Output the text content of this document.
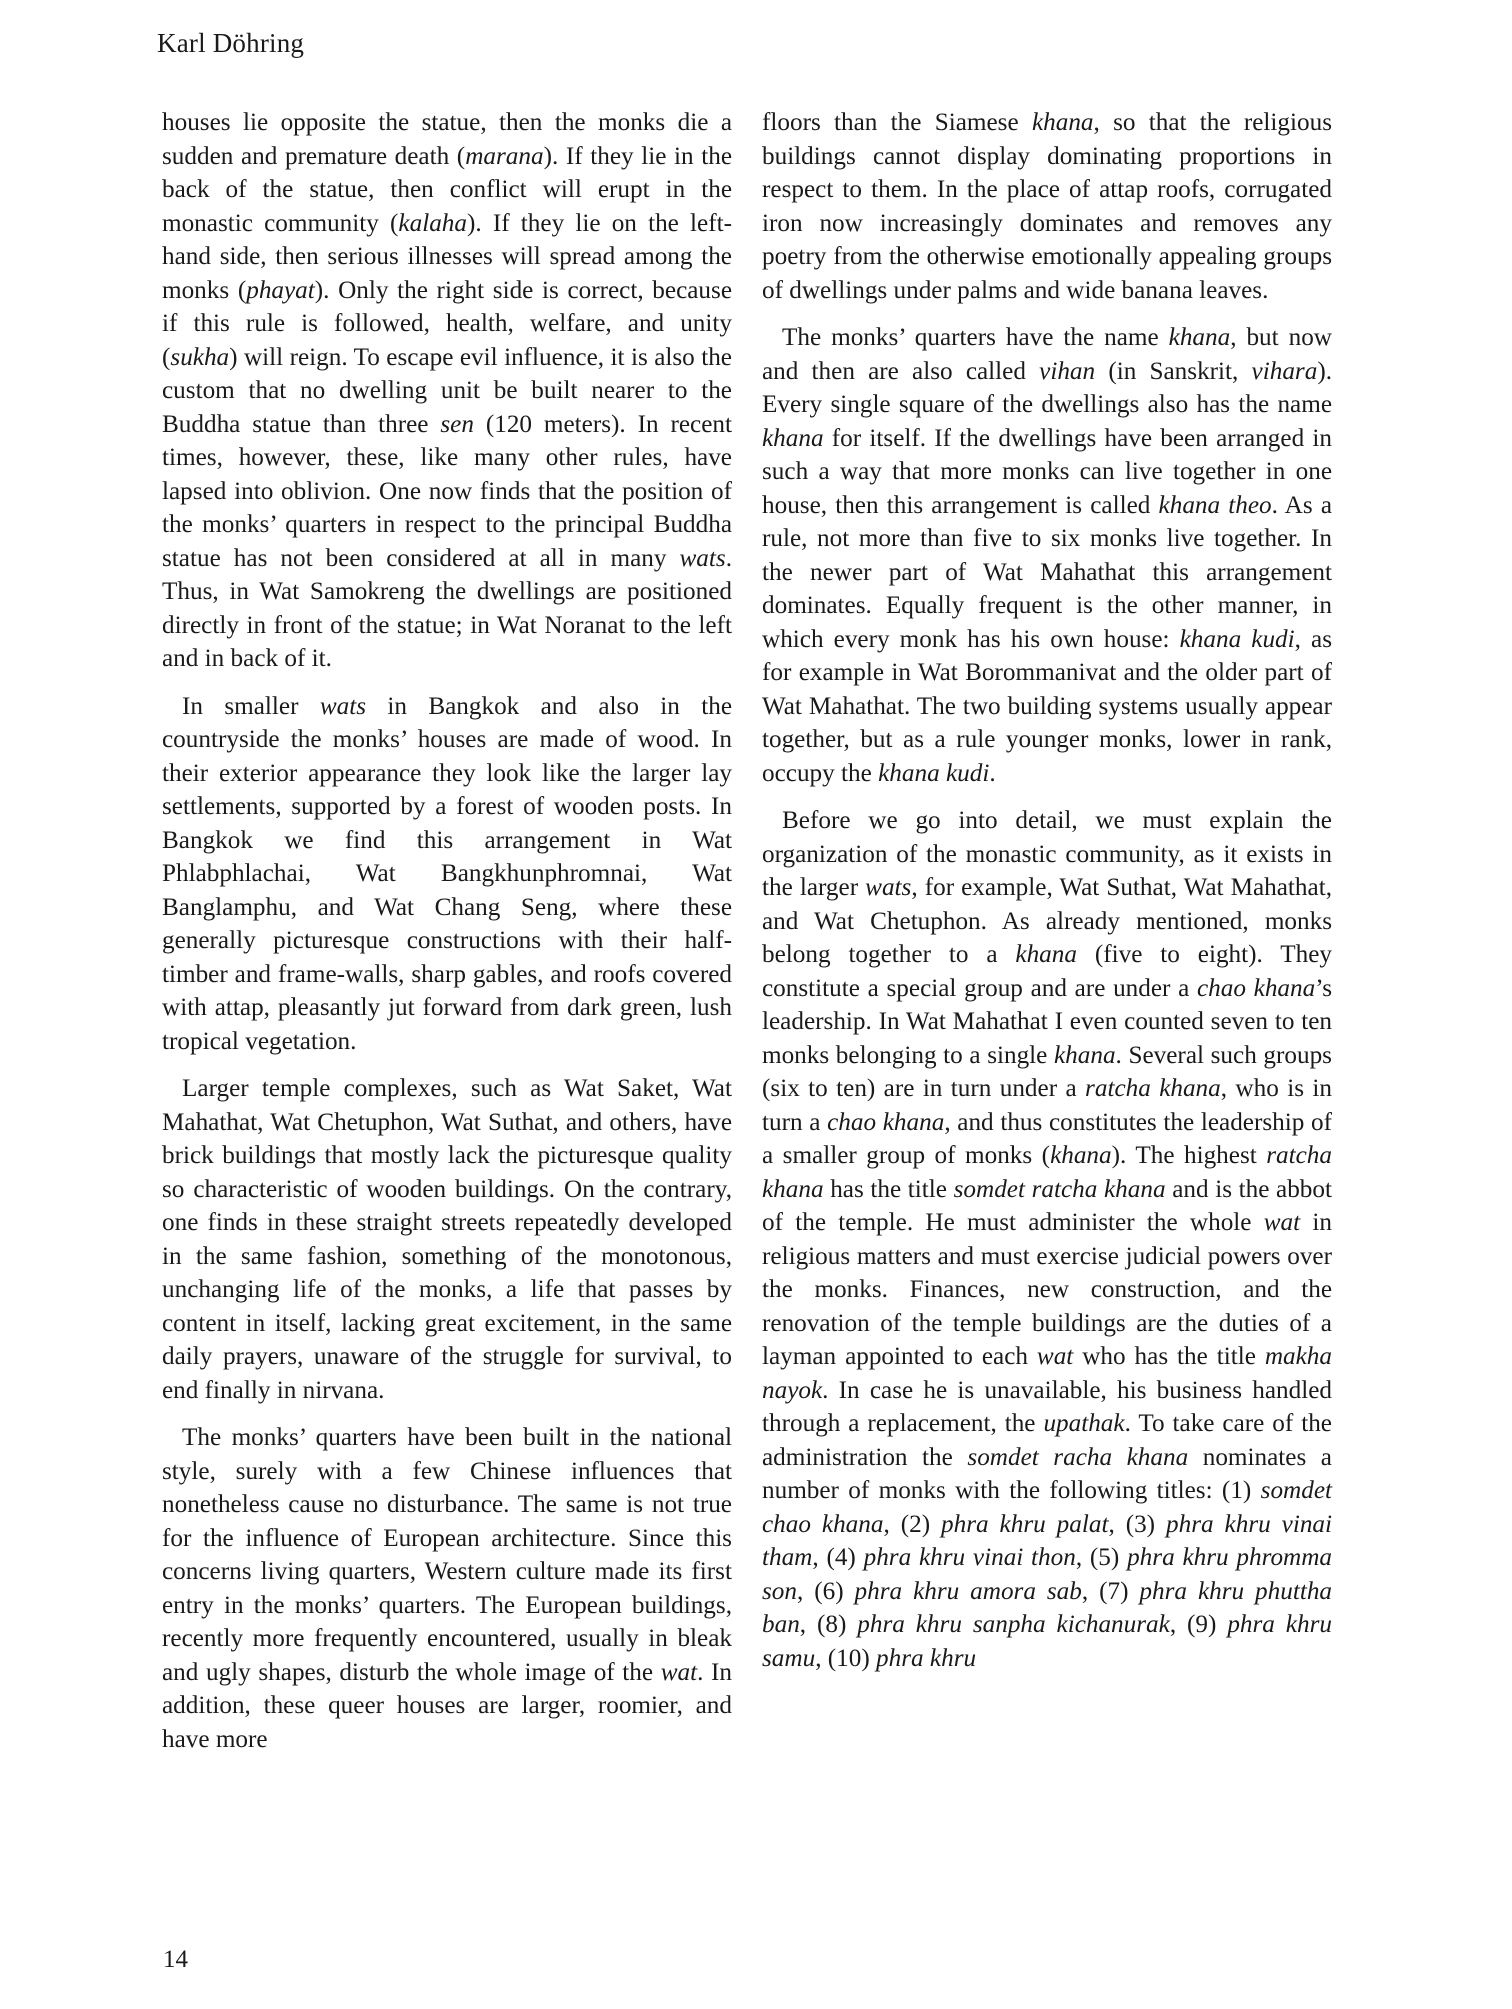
Karl Döhring

houses lie opposite the statue, then the monks die a sudden and premature death (marana). If they lie in the back of the statue, then conflict will erupt in the monastic community (kalaha). If they lie on the left-hand side, then serious illnesses will spread among the monks (phayat). Only the right side is correct, because if this rule is followed, health, welfare, and unity (sukha) will reign. To escape evil influence, it is also the custom that no dwelling unit be built nearer to the Buddha statue than three sen (120 meters). In recent times, however, these, like many other rules, have lapsed into oblivion. One now finds that the position of the monks’ quarters in respect to the principal Buddha statue has not been considered at all in many wats. Thus, in Wat Samokreng the dwellings are positioned directly in front of the statue; in Wat Noranat to the left and in back of it.

In smaller wats in Bangkok and also in the countryside the monks’ houses are made of wood. In their exterior appearance they look like the larger lay settlements, supported by a forest of wooden posts. In Bangkok we find this arrangement in Wat Phlabphlachai, Wat Bangkhunphromnai, Wat Banglamphu, and Wat Chang Seng, where these generally picturesque constructions with their half-timber and frame-walls, sharp gables, and roofs covered with attap, pleasantly jut forward from dark green, lush tropical vegetation.

Larger temple complexes, such as Wat Saket, Wat Mahathat, Wat Chetuphon, Wat Suthat, and others, have brick buildings that mostly lack the picturesque quality so characteristic of wooden buildings. On the contrary, one finds in these straight streets repeatedly developed in the same fashion, something of the monotonous, unchanging life of the monks, a life that passes by content in itself, lacking great excitement, in the same daily prayers, unaware of the struggle for survival, to end finally in nirvana.

The monks’ quarters have been built in the national style, surely with a few Chinese influences that nonetheless cause no disturbance. The same is not true for the influence of European architecture. Since this concerns living quarters, Western culture made its first entry in the monks’ quarters. The European buildings, recently more frequently encountered, usually in bleak and ugly shapes, disturb the whole image of the wat. In addition, these queer houses are larger, roomier, and have more

floors than the Siamese khana, so that the religious buildings cannot display dominating proportions in respect to them. In the place of attap roofs, corrugated iron now increasingly dominates and removes any poetry from the otherwise emotionally appealing groups of dwellings under palms and wide banana leaves.

The monks’ quarters have the name khana, but now and then are also called vihan (in Sanskrit, vihara). Every single square of the dwellings also has the name khana for itself. If the dwellings have been arranged in such a way that more monks can live together in one house, then this arrangement is called khana theo. As a rule, not more than five to six monks live together. In the newer part of Wat Mahathat this arrangement dominates. Equally frequent is the other manner, in which every monk has his own house: khana kudi, as for example in Wat Borommanivat and the older part of Wat Mahathat. The two building systems usually appear together, but as a rule younger monks, lower in rank, occupy the khana kudi.

Before we go into detail, we must explain the organization of the monastic community, as it exists in the larger wats, for example, Wat Suthat, Wat Mahathat, and Wat Chetuphon. As already mentioned, monks belong together to a khana (five to eight). They constitute a special group and are under a chao khana’s leadership. In Wat Mahathat I even counted seven to ten monks belonging to a single khana. Several such groups (six to ten) are in turn under a ratcha khana, who is in turn a chao khana, and thus constitutes the leadership of a smaller group of monks (khana). The highest ratcha khana has the title somdet ratcha khana and is the abbot of the temple. He must administer the whole wat in religious matters and must exercise judicial powers over the monks. Finances, new construction, and the renovation of the temple buildings are the duties of a layman appointed to each wat who has the title makha nayok. In case he is unavailable, his business handled through a replacement, the upathak. To take care of the administration the somdet racha khana nominates a number of monks with the following titles: (1) somdet chao khana, (2) phra khru palat, (3) phra khru vinai tham, (4) phra khru vinai thon, (5) phra khru phromma son, (6) phra khru amora sab, (7) phra khru phuttha ban, (8) phra khru sanpha kichanurak, (9) phra khru samu, (10) phra khru

14
